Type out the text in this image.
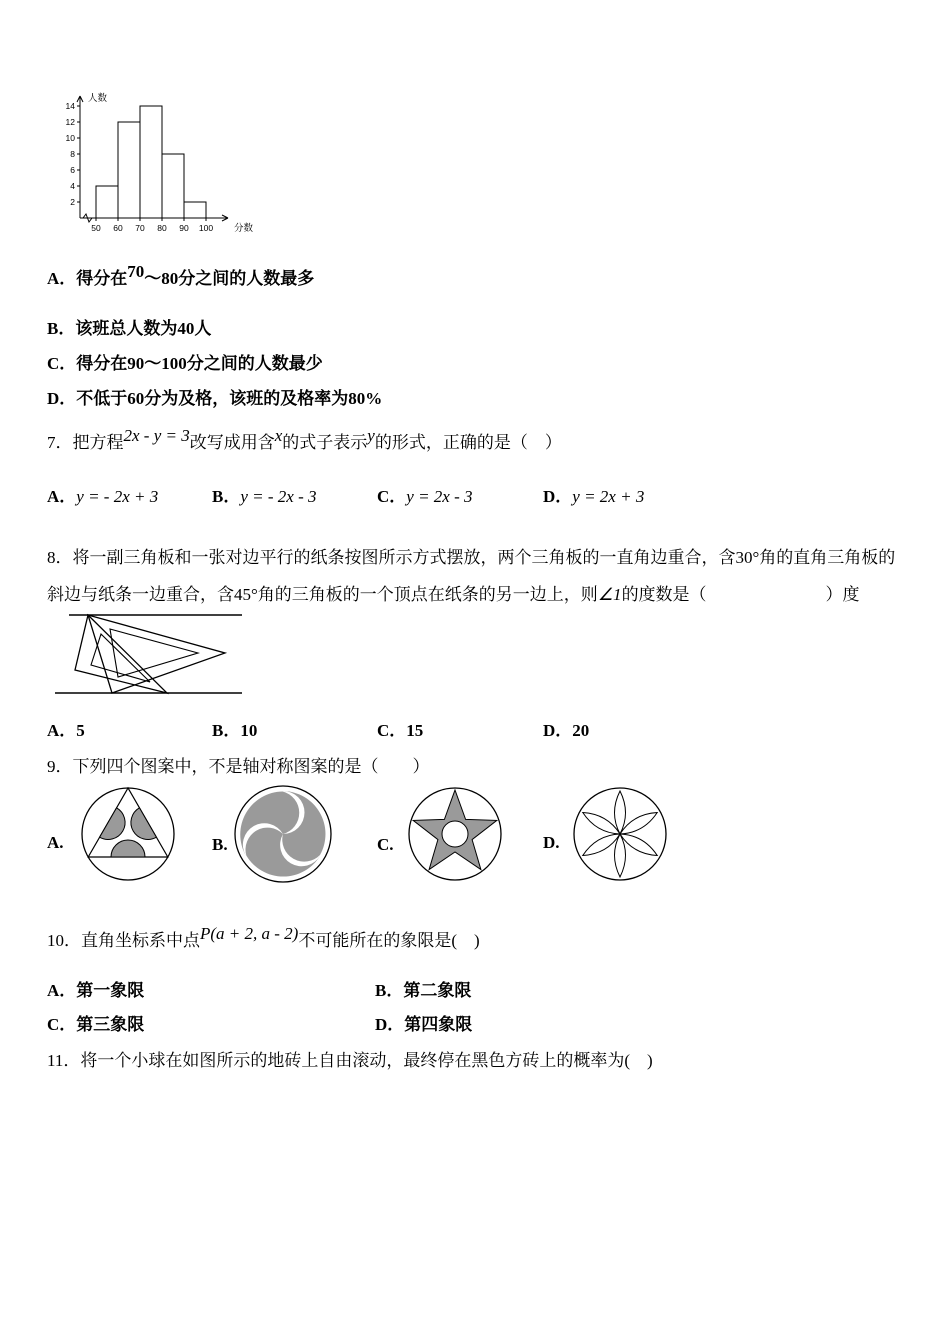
2
4
6
8
10
12
14
50 60 70 80 90 100
人数
分数
A．得分在70～80分之间的人数最多
B．该班总人数为40人
C．得分在90～100分之间的人数最少
D．不低于60分为及格，该班的及格率为80%
7．把方程2x - y = 3改写成用含x的式子表示y的形式，正确的是（　）
A．y = - 2x + 3	B．y = - 2x - 3	C．y = 2x - 3	D．y = 2x + 3
8．将一副三角板和一张对边平行的纸条按图所示方式摆放，两个三角板的一直角边重合，含30°角的直角三角板的
斜边与纸条一边重合，含45°角的三角板的一个顶点在纸条的另一边上，则∠1的度数是（　　　　　　　）度
A．5	B．10	C．15	D．20
9．下列四个图案中，不是轴对称图案的是（　　）
A.	B.	C.	D.
10．直角坐标系中点P(a + 2, a - 2)不可能所在的象限是(　)
A．第一象限	B．第二象限
C．第三象限	D．第四象限
11．将一个小球在如图所示的地砖上自由滚动，最终停在黑色方砖上的概率为(　)
